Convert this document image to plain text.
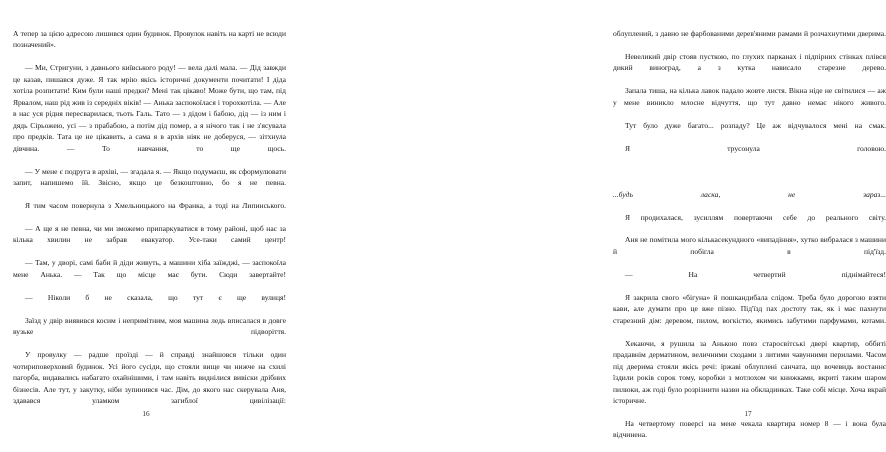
А тепер за цією адресою лишився один будинок. Провулок навіть на карті не всюди позначений».

— Ми, Стригуни, з давнього київського роду! — вела далі мала. — Дід завжди це казав, пишався дуже. Я так мрію якісь історичні документи почитати! І діда хотіла розпитати! Ким були наші предки? Мені так цікаво! Може бути, що там, під Ярвалом, наш рід жив із середніх віків! — Анька заспокоїлася і торохкотіла. — Але в нас уся рідня пересварилася, тьоть Галь. Тато — з дідом і бабою, дід — із ним і дядь Сірьожею, усі — з прабабою, а потім дід помер, а я нічого так і не з'ясувала про предків. Тата це не цікавить, а сама я в архів ніяк не доберуся, — зітхнула дівчина. — То навчання, то ще щось.

— У мене є подруга в архіві, — згадала я. — Якщо подумаєш, як сформулювати запит, напишемо їй. Звісно, якщо це безкоштовно, бо я не певна.

Я тим часом повернула з Хмельницького на Франка, а тоді на Липинського.

— А ще я не певна, чи ми зможемо припаркуватися в тому районі, щоб нас за кілька хвилин не забрав евакуатор. Усе-таки самий центр!

— Там, у дворі, самі баби й діди живуть, а машини хіба заїжджі, — заспокоїла мене Анька. — Так що місце має бути. Сюди завертайте!

— Ніколи б не сказала, що тут є ще вулиця!

Заїзд у двір виявився косим і непримітним, моя машина ледь вписалася в довге вузьке підворіття.

У провулку — радше проїзді — й справді знайшовся тільки один чотириповерховий будинок. Усі його сусіди, що стояли вище чи нижче на схилі пагорба, видавались набагато охайнішими, і там навіть виднілися вивіски дрібних бізнесів. Але тут, у закутку, ніби зупинився час. Дім, до якого нас скерувала Аня, здавався уламком загиблої цивілізації:

16

облуплений, з давно не фарбованими дерев'яними рамами й розчахнутими дверима.

Невеликий двір стояв пусткою, по глухих парканах і підпірних стінках плівся дикий виноград, а з кутка нависало старезне дерево.

Запала тиша, на кілька лавок падало жовте листя. Вікна ніде не світилися — аж у мене виникло млосне відчуття, що тут давно немає нікого живого.

Тут було дуже багато... розпаду? Це аж відчувалося мені на смак.

Я трусонула головою.

...будь ласка, не зараз...

Я продихалася, зусиллям повертаючи себе до реального світу.

Аня не помітила мого кількасекундного «випадіння», хутко вибралася з машини й побігла в під'їзд.

— На четвертий піднімайтеся!

Я закрила свого «бігуна» й пошкандибала слідом. Треба було дорогою взяти кави, але думати про це вже пізно. Під'їзд пах достоту так, як і має пахнути старезний дім: деревом, пилом, вогкістю, якимись забутими парфумами, котами.

Хекаючи, я рушила за Анькою повз старосвітські двері квартир, оббиті прадавнім дерматином, величними сходами з литими чавунними перилами. Часом під дверима стояли якісь речі: іржаві облуплені санчата, що вочевидь востаннє їздили років сорок тому, коробки з мотлохом чи книжками, вкриті таким шаром пилюки, аж годі було розрізнити назви на обкладинках. Таке собі місце. Хоча вкрай історичне.

На четвертому поверсі на мене чекала квартира номер 8 — і вона була відчинена.

17
